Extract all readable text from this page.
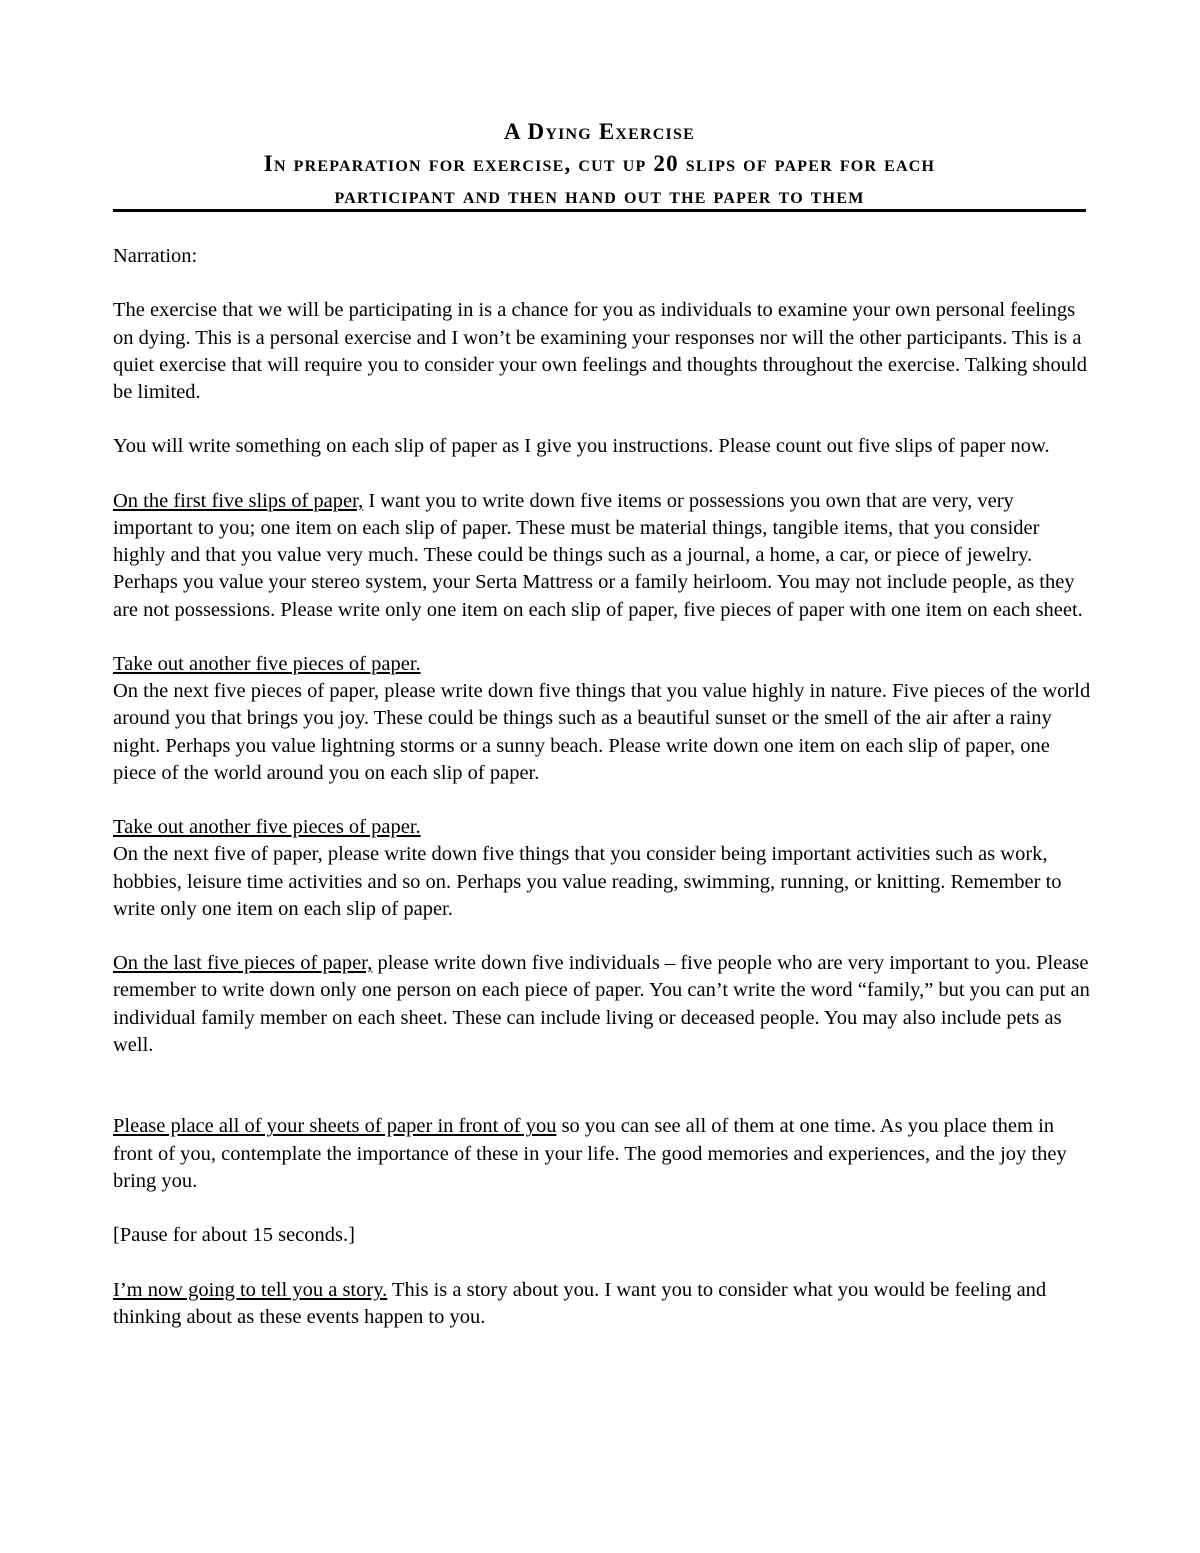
A Dying Exercise
In preparation for exercise, cut up 20 slips of paper for each
participant and then hand out the paper to them

Narration:

The exercise that we will be participating in is a chance for you as individuals to examine your own personal feelings on dying. This is a personal exercise and I won’t be examining your responses nor will the other participants. This is a quiet exercise that will require you to consider your own feelings and thoughts throughout the exercise. Talking should be limited.

You will write something on each slip of paper as I give you instructions. Please count out five slips of paper now.

On the first five slips of paper, I want you to write down five items or possessions you own that are very, very important to you; one item on each slip of paper. These must be material things, tangible items, that you consider highly and that you value very much. These could be things such as a journal, a home, a car, or piece of jewelry. Perhaps you value your stereo system, your Serta Mattress or a family heirloom. You may not include people, as they are not possessions. Please write only one item on each slip of paper, five pieces of paper with one item on each sheet.

Take out another five pieces of paper.
On the next five pieces of paper, please write down five things that you value highly in nature. Five pieces of the world around you that brings you joy. These could be things such as a beautiful sunset or the smell of the air after a rainy night. Perhaps you value lightning storms or a sunny beach. Please write down one item on each slip of paper, one piece of the world around you on each slip of paper.

Take out another five pieces of paper.
On the next five of paper, please write down five things that you consider being important activities such as work, hobbies, leisure time activities and so on. Perhaps you value reading, swimming, running, or knitting. Remember to write only one item on each slip of paper.

On the last five pieces of paper, please write down five individuals – five people who are very important to you. Please remember to write down only one person on each piece of paper. You can’t write the word “family,” but you can put an individual family member on each sheet. These can include living or deceased people. You may also include pets as well.

Please place all of your sheets of paper in front of you so you can see all of them at one time. As you place them in front of you, contemplate the importance of these in your life. The good memories and experiences, and the joy they bring you.

[Pause for about 15 seconds.]

I’m now going to tell you a story. This is a story about you. I want you to consider what you would be feeling and thinking about as these events happen to you.
